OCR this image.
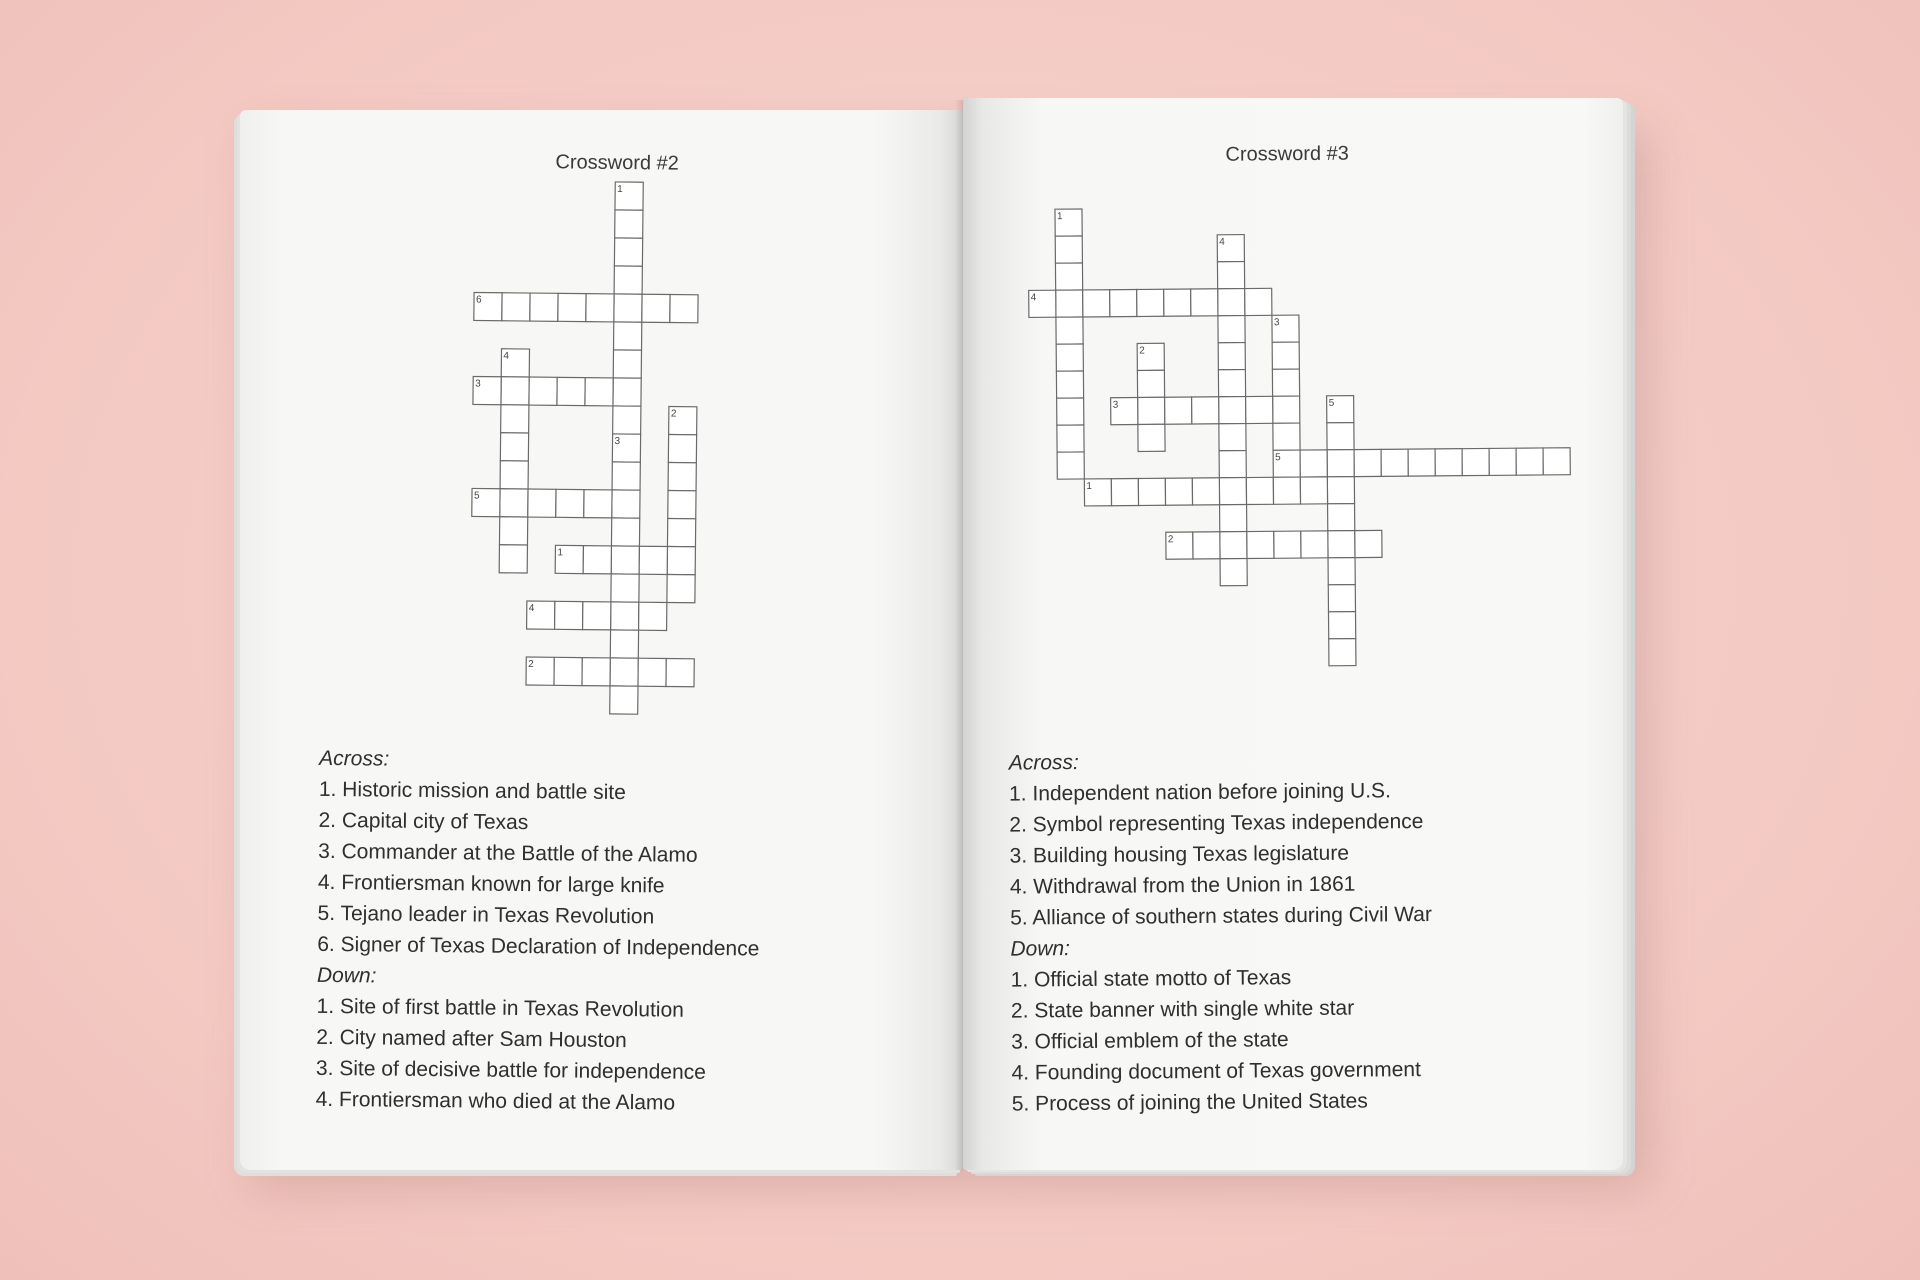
Crossword #2
1
6
4
3
2
5
1
4
2
3
Across:
1. Historic mission and battle site
2. Capital city of Texas
3. Commander at the Battle of the Alamo
4. Frontiersman known for large knife
5. Tejano leader in Texas Revolution
6. Signer of Texas Declaration of Independence
Down:
1. Site of first battle in Texas Revolution
2. City named after Sam Houston
3. Site of decisive battle for independence
4. Frontiersman who died at the Alamo
Crossword #3
1
4
4
3
2
3	5
5
1
2
Across:
1. Independent nation before joining U.S.
2. Symbol representing Texas independence
3. Building housing Texas legislature
4. Withdrawal from the Union in 1861
5. Alliance of southern states during Civil War
Down:
1. Official state motto of Texas
2. State banner with single white star
3. Official emblem of the state
4. Founding document of Texas government
5. Process of joining the United States
